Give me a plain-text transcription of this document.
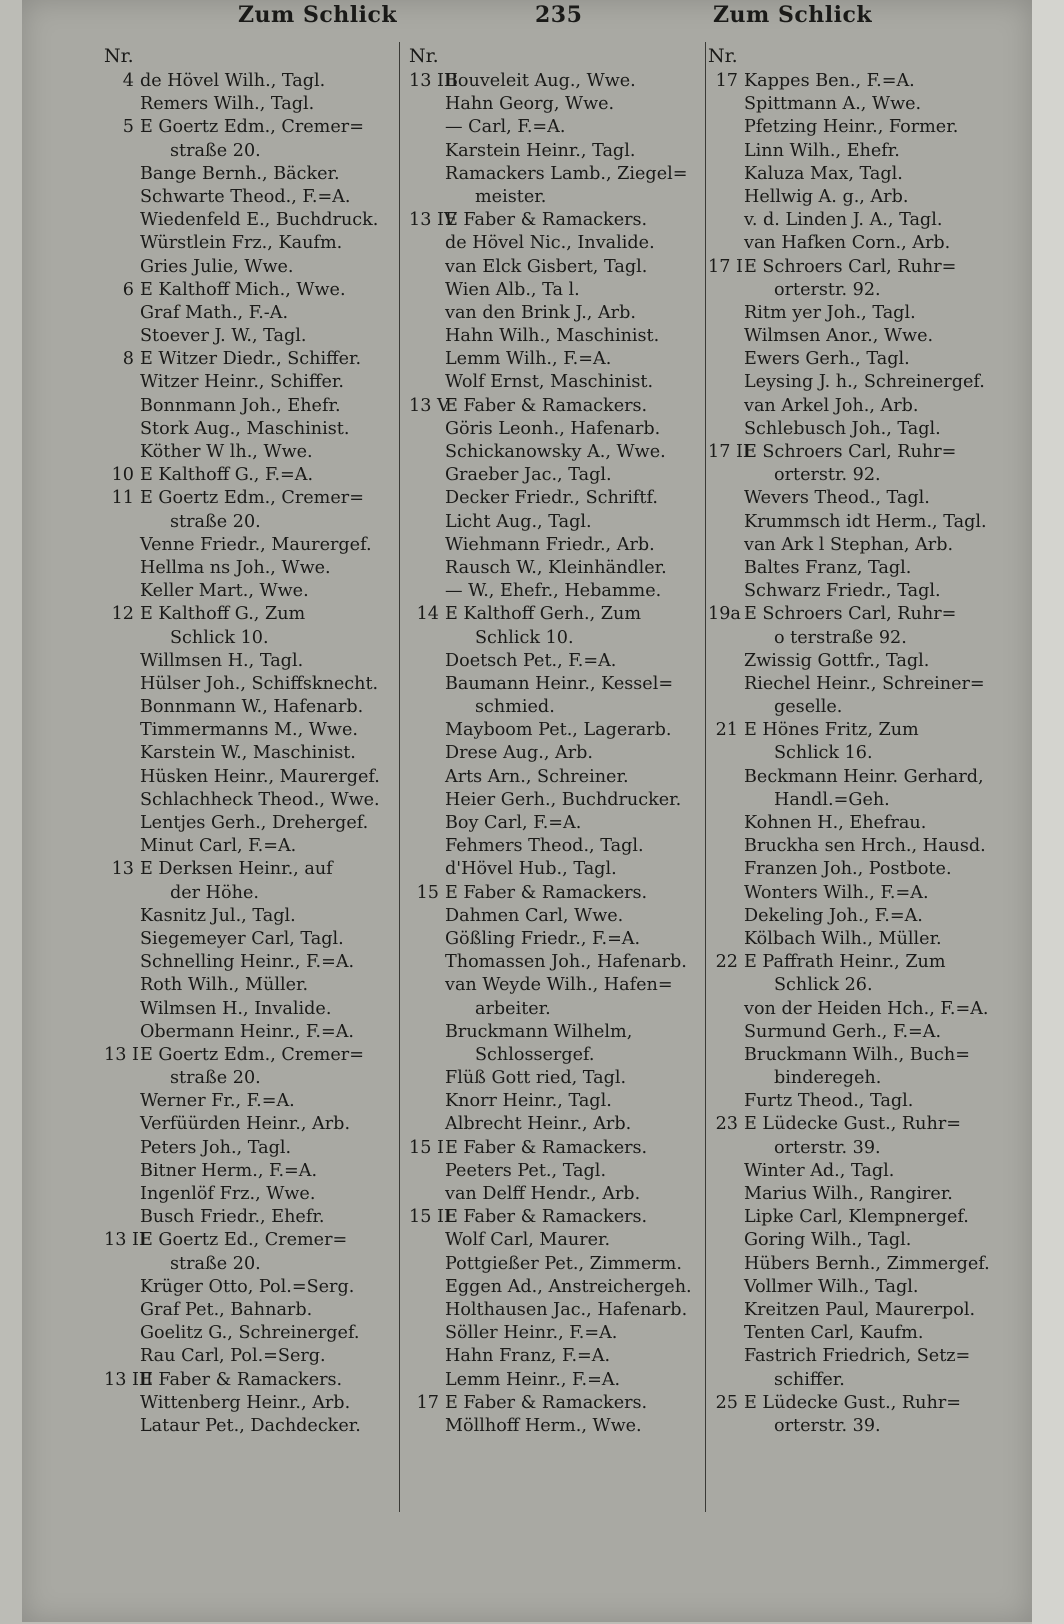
Zum Schlick	235	Zum Schlick
Nr.
4 de Hövel Wilh., Tagl.
Remers Wilh., Tagl.
5 E Goertz Edm., Cremer=
straße 20.
Bange Bernh., Bäcker.
Schwarte Theod., F.=A.
Wiedenfeld E., Buchdruck.
Würstlein Frz., Kaufm.
Gries Julie, Wwe.
6 E Kalthoff Mich., Wwe.
Graf Math., F.-A.
Stoever J. W., Tagl.
8 E Witzer Diedr., Schiffer.
Witzer Heinr., Schiffer.
Bonnmann Joh., Ehefr.
Stork Aug., Maschinist.
Köther W lh., Wwe.
10 E Kalthoff G., F.=A.
11 E Goertz Edm., Cremer=
straße 20.
Venne Friedr., Maurergef.
Hellma ns Joh., Wwe.
Keller Mart., Wwe.
12 E Kalthoff G., Zum
Schlick 10.
Willmsen H., Tagl.
Hülser Joh., Schiffsknecht.
Bonnmann W., Hafenarb.
Timmermanns M., Wwe.
Karstein W., Maschinist.
Hüsken Heinr., Maurergef.
Schlachheck Theod., Wwe.
Lentjes Gerh., Drehergef.
Minut Carl, F.=A.
13 E Derksen Heinr., auf
der Höhe.
Kasnitz Jul., Tagl.
Siegemeyer Carl, Tagl.
Schnelling Heinr., F.=A.
Roth Wilh., Müller.
Wilmsen H., Invalide.
Obermann Heinr., F.=A.
13 IE Goertz Edm., Cremer=
straße 20.
Werner Fr., F.=A.
Verfüürden Heinr., Arb.
Peters Joh., Tagl.
Bitner Herm., F.=A.
Ingenlöf Frz., Wwe.
Busch Friedr., Ehefr.
13 IIE Goertz Ed., Cremer=
straße 20.
Krüger Otto, Pol.=Serg.
Graf Pet., Bahnarb.
Goelitz G., Schreinergef.
Rau Carl, Pol.=Serg.
13 IIIE Faber & Ramackers.
Wittenberg Heinr., Arb.
Lataur Pet., Dachdecker.
Nr.
13 IIIBouveleit Aug., Wwe.
Hahn Georg, Wwe.
— Carl, F.=A.
Karstein Heinr., Tagl.
Ramackers Lamb., Ziegel=
meister.
13 IVE Faber & Ramackers.
de Hövel Nic., Invalide.
van Elck Gisbert, Tagl.
Wien Alb., Ta l.
van den Brink J., Arb.
Hahn Wilh., Maschinist.
Lemm Wilh., F.=A.
Wolf Ernst, Maschinist.
13 VE Faber & Ramackers.
Göris Leonh., Hafenarb.
Schickanowsky A., Wwe.
Graeber Jac., Tagl.
Decker Friedr., Schriftf.
Licht Aug., Tagl.
Wiehmann Friedr., Arb.
Rausch W., Kleinhändler.
— W., Ehefr., Hebamme.
14 E Kalthoff Gerh., Zum
Schlick 10.
Doetsch Pet., F.=A.
Baumann Heinr., Kessel=
schmied.
Mayboom Pet., Lagerarb.
Drese Aug., Arb.
Arts Arn., Schreiner.
Heier Gerh., Buchdrucker.
Boy Carl, F.=A.
Fehmers Theod., Tagl.
d'Hövel Hub., Tagl.
15 E Faber & Ramackers.
Dahmen Carl, Wwe.
Gößling Friedr., F.=A.
Thomassen Joh., Hafenarb.
van Weyde Wilh., Hafen=
arbeiter.
Bruckmann Wilhelm,
Schlossergef.
Flüß Gott ried, Tagl.
Knorr Heinr., Tagl.
Albrecht Heinr., Arb.
15 IE Faber & Ramackers.
Peeters Pet., Tagl.
van Delff Hendr., Arb.
15 IIE Faber & Ramackers.
Wolf Carl, Maurer.
Pottgießer Pet., Zimmerm.
Eggen Ad., Anstreichergeh.
Holthausen Jac., Hafenarb.
Söller Heinr., F.=A.
Hahn Franz, F.=A.
Lemm Heinr., F.=A.
17 E Faber & Ramackers.
Möllhoff Herm., Wwe.
Nr.
17 Kappes Ben., F.=A.
Spittmann A., Wwe.
Pfetzing Heinr., Former.
Linn Wilh., Ehefr.
Kaluza Max, Tagl.
Hellwig A. g., Arb.
v. d. Linden J. A., Tagl.
van Hafken Corn., Arb.
17 IE Schroers Carl, Ruhr=
orterstr. 92.
Ritm yer Joh., Tagl.
Wilmsen Anor., Wwe.
Ewers Gerh., Tagl.
Leysing J. h., Schreinergef.
van Arkel Joh., Arb.
Schlebusch Joh., Tagl.
17 IIE Schroers Carl, Ruhr=
orterstr. 92.
Wevers Theod., Tagl.
Krummsch idt Herm., Tagl.
van Ark l Stephan, Arb.
Baltes Franz, Tagl.
Schwarz Friedr., Tagl.
19a E Schroers Carl, Ruhr=
o terstraße 92.
Zwissig Gottfr., Tagl.
Riechel Heinr., Schreiner=
geselle.
21 E Hönes Fritz, Zum
Schlick 16.
Beckmann Heinr. Gerhard,
Handl.=Geh.
Kohnen H., Ehefrau.
Bruckha sen Hrch., Hausd.
Franzen Joh., Postbote.
Wonters Wilh., F.=A.
Dekeling Joh., F.=A.
Kölbach Wilh., Müller.
22 E Paffrath Heinr., Zum
Schlick 26.
von der Heiden Hch., F.=A.
Surmund Gerh., F.=A.
Bruckmann Wilh., Buch=
binderegeh.
Furtz Theod., Tagl.
23 E Lüdecke Gust., Ruhr=
orterstr. 39.
Winter Ad., Tagl.
Marius Wilh., Rangirer.
Lipke Carl, Klempnergef.
Goring Wilh., Tagl.
Hübers Bernh., Zimmergef.
Vollmer Wilh., Tagl.
Kreitzen Paul, Maurerpol.
Tenten Carl, Kaufm.
Fastrich Friedrich, Setz=
schiffer.
25 E Lüdecke Gust., Ruhr=
orterstr. 39.
